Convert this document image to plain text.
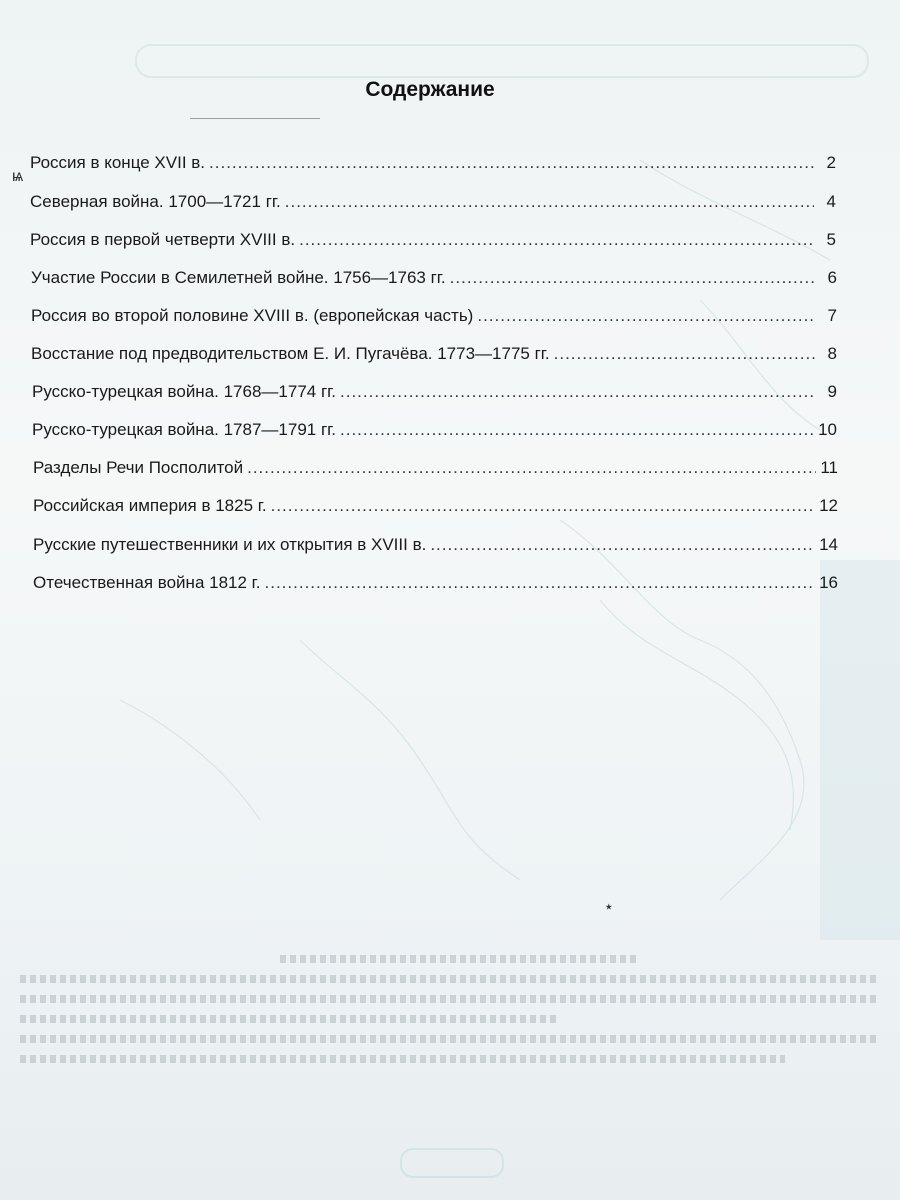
Содержание
ѩ
Россия в конце XVII в. .....	2
Северная война. 1700—1721 гг. .....	4
Россия в первой четверти XVIII в. .....	5
Участие России в Семилетней войне. 1756—1763 гг. .....	6
Россия во второй половине XVIII в. (европейская часть) .....	7
Восстание под предводительством Е. И. Пугачёва. 1773—1775 гг. .....	8
Русско-турецкая война. 1768—1774 гг. .....	9
Русско-турецкая война. 1787—1791 гг. .....	10
Разделы Речи Посполитой .....	11
Российская империя в 1825 г. .....	12
Русские путешественники и их открытия в XVIII в. .....	14
Отечественная война 1812 г. .....	16
٭
